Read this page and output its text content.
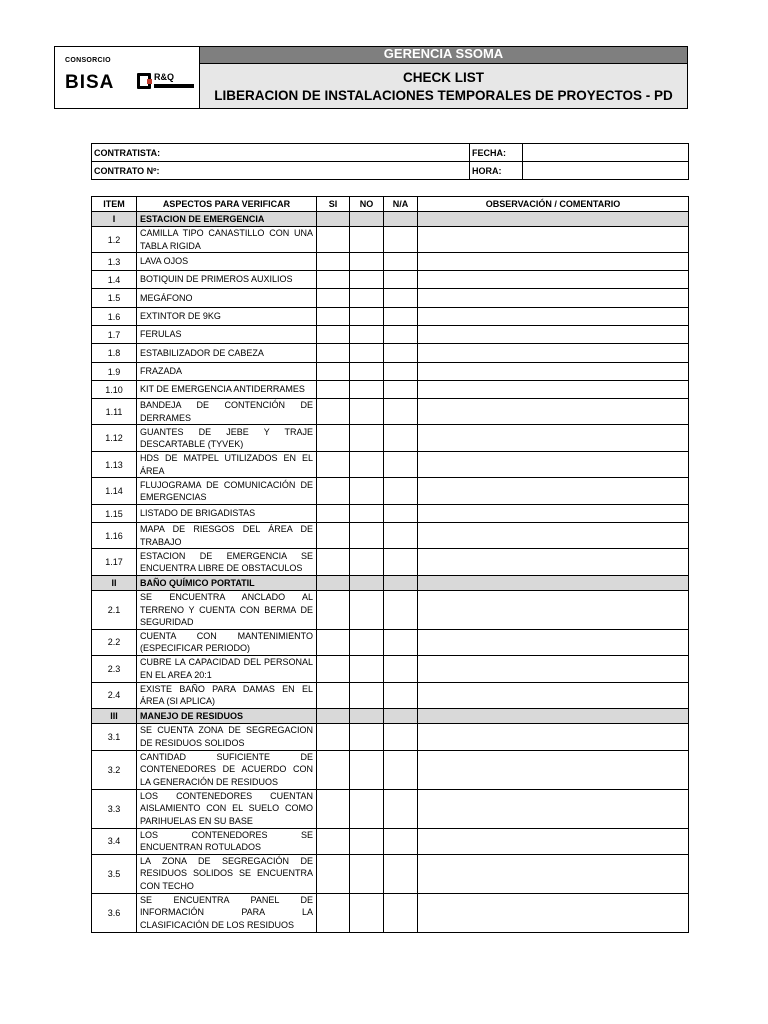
CONSORCIO
BISA	R&Q
GERENCIA SSOMA
CHECK LIST
LIBERACION DE INSTALACIONES TEMPORALES DE PROYECTOS - PD
CONTRATISTA:	FECHA:	
CONTRATO Nº:	HORA:	
ITEM	ASPECTOS PARA VERIFICAR	SI	NO	N/A	OBSERVACIÓN / COMENTARIO
I	ESTACION DE EMERGENCIA				
1.2	CAMILLA TIPO CANASTILLO CON UNA TABLA RIGIDA				
1.3	LAVA OJOS				
1.4	BOTIQUIN DE PRIMEROS AUXILIOS				
1.5	MEGÁFONO				
1.6	EXTINTOR DE 9KG				
1.7	FERULAS				
1.8	ESTABILIZADOR DE CABEZA				
1.9	FRAZADA				
1.10	KIT DE EMERGENCIA ANTIDERRAMES				
1.11	BANDEJA DE CONTENCIÓN DE DERRAMES				
1.12	GUANTES DE JEBE Y TRAJE DESCARTABLE (TYVEK)				
1.13	HDS DE MATPEL UTILIZADOS EN EL ÁREA				
1.14	FLUJOGRAMA DE COMUNICACIÓN DE EMERGENCIAS				
1.15	LISTADO DE BRIGADISTAS				
1.16	MAPA DE RIESGOS DEL ÁREA DE TRABAJO				
1.17	ESTACION DE EMERGENCIA SE ENCUENTRA LIBRE DE OBSTACULOS				
II	BAÑO QUÍMICO PORTATIL				
2.1	SE ENCUENTRA ANCLADO AL TERRENO Y CUENTA CON BERMA DE SEGURIDAD				
2.2	CUENTA CON MANTENIMIENTO (ESPECIFICAR PERIODO)				
2.3	CUBRE LA CAPACIDAD DEL PERSONAL EN EL AREA 20:1				
2.4	EXISTE BAÑO PARA DAMAS EN EL ÁREA (SI APLICA)				
III	MANEJO DE RESIDUOS				
3.1	SE CUENTA ZONA DE SEGREGACION DE RESIDUOS SOLIDOS				
3.2	CANTIDAD SUFICIENTE DE CONTENEDORES DE ACUERDO CON LA GENERACIÓN DE RESIDUOS				
3.3	LOS CONTENEDORES CUENTAN AISLAMIENTO CON EL SUELO COMO PARIHUELAS EN SU BASE				
3.4	LOS CONTENEDORES SE ENCUENTRAN ROTULADOS				
3.5	LA ZONA DE SEGREGACIÓN DE RESIDUOS SOLIDOS SE ENCUENTRA CON TECHO				
3.6	SE ENCUENTRA PANEL DE INFORMACIÓN PARA LA CLASIFICACIÓN DE LOS RESIDUOS				
